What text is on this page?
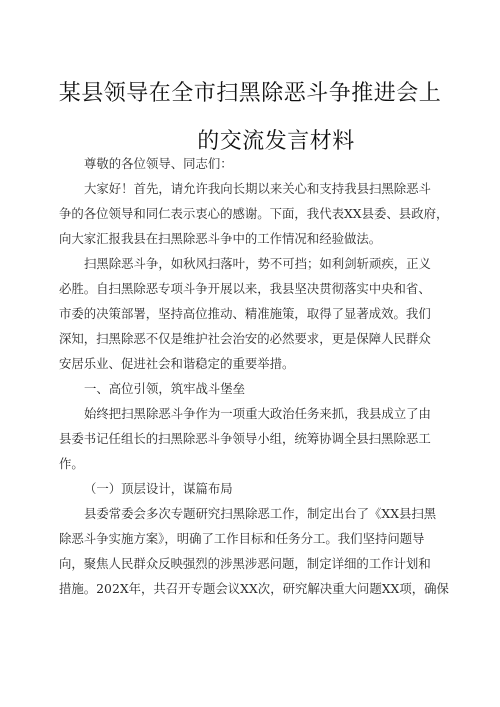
某县领导在全市扫黑除恶斗争推进会上
的交流发言材料
尊敬的各位领导、同志们：
大家好！首先，请允许我向长期以来关心和支持我县扫黑除恶斗
争的各位领导和同仁表示衷心的感谢。下面，我代表XX县委、县政府，
向大家汇报我县在扫黑除恶斗争中的工作情况和经验做法。
扫黑除恶斗争，如秋风扫落叶，势不可挡；如利剑斩顽疾，正义
必胜。自扫黑除恶专项斗争开展以来，我县坚决贯彻落实中央和省、
市委的决策部署，坚持高位推动、精准施策，取得了显著成效。我们
深知，扫黑除恶不仅是维护社会治安的必然要求，更是保障人民群众
安居乐业、促进社会和谐稳定的重要举措。
一、高位引领，筑牢战斗堡垒
始终把扫黑除恶斗争作为一项重大政治任务来抓，我县成立了由
县委书记任组长的扫黑除恶斗争领导小组，统筹协调全县扫黑除恶工
作。
（一）顶层设计，谋篇布局
县委常委会多次专题研究扫黑除恶工作，制定出台了《XX县扫黑
除恶斗争实施方案》，明确了工作目标和任务分工。我们坚持问题导
向，聚焦人民群众反映强烈的涉黑涉恶问题，制定详细的工作计划和
措施。202X年，共召开专题会议XX次，研究解决重大问题XX项，确保
